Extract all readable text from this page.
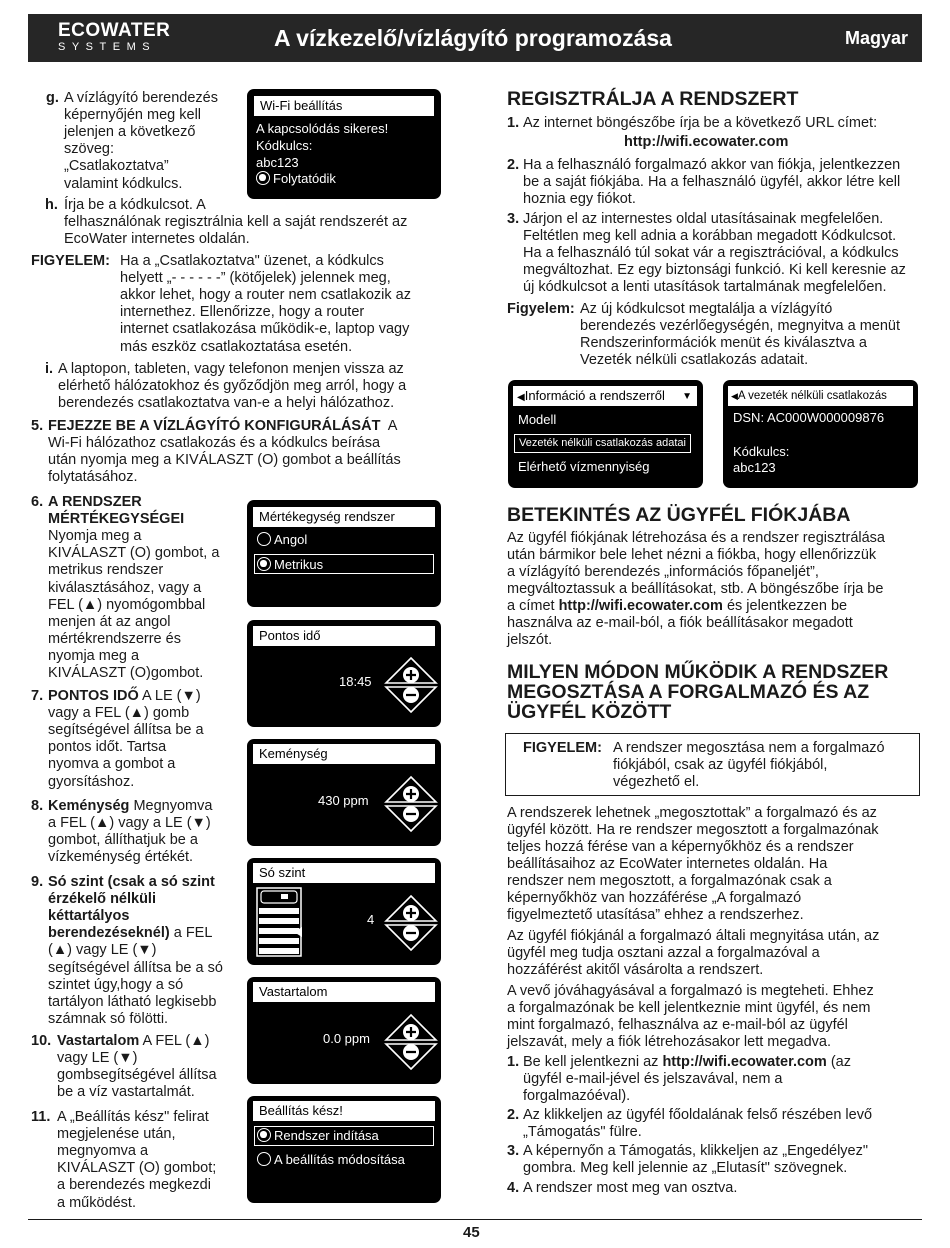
ECOWATER
SYSTEMS	A vízkezelő/vízlágyító programozása	Magyar
g. A vízlágyító berendezés
képernyőjén meg kell
jelenjen a következő
szöveg:
„Csatlakoztatva”
valamint kódkulcs.
h. Írja be a kódkulcsot. A
felhasználónak regisztrálnia kell a saját rendszerét az
EcoWater internetes oldalán.
FIGYELEM: Ha a „Csatlakoztatva" üzenet, a kódkulcs
helyett „- - - - - -” (kötőjelek) jelennek meg,
akkor lehet, hogy a router nem csatlakozik az
internethez. Ellenőrizze, hogy a router
internet csatlakozása működik-e, laptop vagy
más eszköz csatlakoztatása esetén.
i. A laptopon, tableten, vagy telefonon menjen vissza az
elérhető hálózatokhoz és győződjön meg arról, hogy a
berendezés csatlakoztatva van-e a helyi hálózathoz.
5. FEJEZZE BE A VÍZLÁGYÍTÓ KONFIGURÁLÁSÁT A
Wi-Fi hálózathoz csatlakozás és a kódkulcs beírása
után nyomja meg a KIVÁLASZT (O) gombot a beállítás
folytatásához.
6. A RENDSZER
MÉRTÉKEGYSÉGEI
Nyomja meg a
KIVÁLASZT (O) gombot, a
metrikus rendszer
kiválasztásához, vagy a
FEL (▲) nyomógombbal
menjen át az angol
mértékrendszerre és
nyomja meg a
KIVÁLASZT (O)gombot.
7. PONTOS IDŐ A LE (▼)
vagy a FEL (▲) gomb
segítségével állítsa be a
pontos időt. Tartsa
nyomva a gombot a
gyorsításhoz.
8. Keménység Megnyomva
a FEL (▲) vagy a LE (▼)
gombot, állíthatjuk be a
vízkeménység értékét.
9. Só szint (csak a só szint
érzékelő nélküli
kéttartályos
berendezéseknél) a FEL
(▲) vagy LE (▼)
segítségével állítsa be a só
szintet úgy,hogy a só
tartályon látható legkisebb
számnak só fölötti.
10. Vastartalom A FEL (▲)
vagy LE (▼)
gombsegítségével állítsa
be a víz vastartalmát.
11. A „Beállítás kész" felirat
megjelenése után,
megnyomva a
KIVÁLASZT (O) gombot;
a berendezés megkezdi
a működést.
Wi-Fi beállítás
A kapcsolódás sikeres!
Kódkulcs:
abc123
Folytatódik
Mértékegység rendszer
Angol
Metrikus
Pontos idő
18:45
Keménység
430 ppm
Só szint
4
Vastartalom
0.0 ppm
Beállítás kész!
Rendszer indítása
A beállítás módosítása
REGISZTRÁLJA A RENDSZERT
1. Az internet böngészőbe írja be a következő URL címet:
http://wifi.ecowater.com
2. Ha a felhasználó forgalmazó akkor van fiókja, jelentkezzen
be a saját fiókjába. Ha a felhasználó ügyfél, akkor létre kell
hoznia egy fiókot.
3. Járjon el az internestes oldal utasításainak megfelelően.
Feltétlen meg kell adnia a korábban megadott Kódkulcsot.
Ha a felhasználó túl sokat vár a regisztrációval, a kódkulcs
megváltozhat. Ez egy biztonsági funkció. Ki kell keresnie az
új kódkulcsot a lenti utasítások tartalmának megfelelően.
Figyelem: Az új kódkulcsot megtalálja a vízlágyító
berendezés vezérlőegységén, megnyitva a menüt
Rendszerinformációk menüt és kiválasztva a
Vezeték nélküli csatlakozás adatait.
◀Információ a rendszerről ▼
Modell
Vezeték nélküli csatlakozás adatai
Elérhető vízmennyiség
◀A vezeték nélküli csatlakozás
DSN: AC000W000009876
Kódkulcs:
abc123
BETEKINTÉS AZ ÜGYFÉL FIÓKJÁBA
Az ügyfél fiókjának létrehozása és a rendszer regisztrálása
után bármikor bele lehet nézni a fiókba, hogy ellenőrizzük
a vízlágyító berendezés „információs főpaneljét”,
megváltoztassuk a beállításokat, stb. A böngészőbe írja be
a címet http://wifi.ecowater.com és jelentkezzen be
használva az e-mail-ból, a fiók beállításakor megadott
jelszót.
MILYEN MÓDON MŰKÖDIK A RENDSZER
MEGOSZTÁSA A FORGALMAZÓ ÉS AZ
ÜGYFÉL KÖZÖTT
FIGYELEM: A rendszer megosztása nem a forgalmazó
fiókjából, csak az ügyfél fiókjából,
végezhető el.
A rendszerek lehetnek „megosztottak” a forgalmazó és az
ügyfél között. Ha re rendszer megosztott a forgalmazónak
teljes hozzá férése van a képernyőkhöz és a rendszer
beállításaihoz az EcoWater internetes oldalán. Ha
rendszer nem megosztott, a forgalmazónak csak a
képernyőkhöz van hozzáférése „A forgalmazó
figyelmeztető utasítása” ehhez a rendszerhez.
Az ügyfél fiókjánál a forgalmazó általi megnyitása után, az
ügyfél meg tudja osztani azzal a forgalmazóval a
hozzáférést akitől vásárolta a rendszert.
A vevő jóváhagyásával a forgalmazó is megteheti. Ehhez
a forgalmazónak be kell jelentkeznie mint ügyfél, és nem
mint forgalmazó, felhasználva az e-mail-ból az ügyfél
jelszavát, mely a fiók létrehozásakor lett megadva.
1. Be kell jelentkezni az http://wifi.ecowater.com (az
ügyfél e-mail-jével és jelszavával, nem a
forgalmazóéval).
2. Az klikkeljen az ügyfél főoldalának felső részében levő
„Támogatás" fülre.
3. A képernyőn a Támogatás, klikkeljen az „Engedélyez"
gombra. Meg kell jelennie az „Elutasít" szövegnek.
4. A rendszer most meg van osztva.
45
